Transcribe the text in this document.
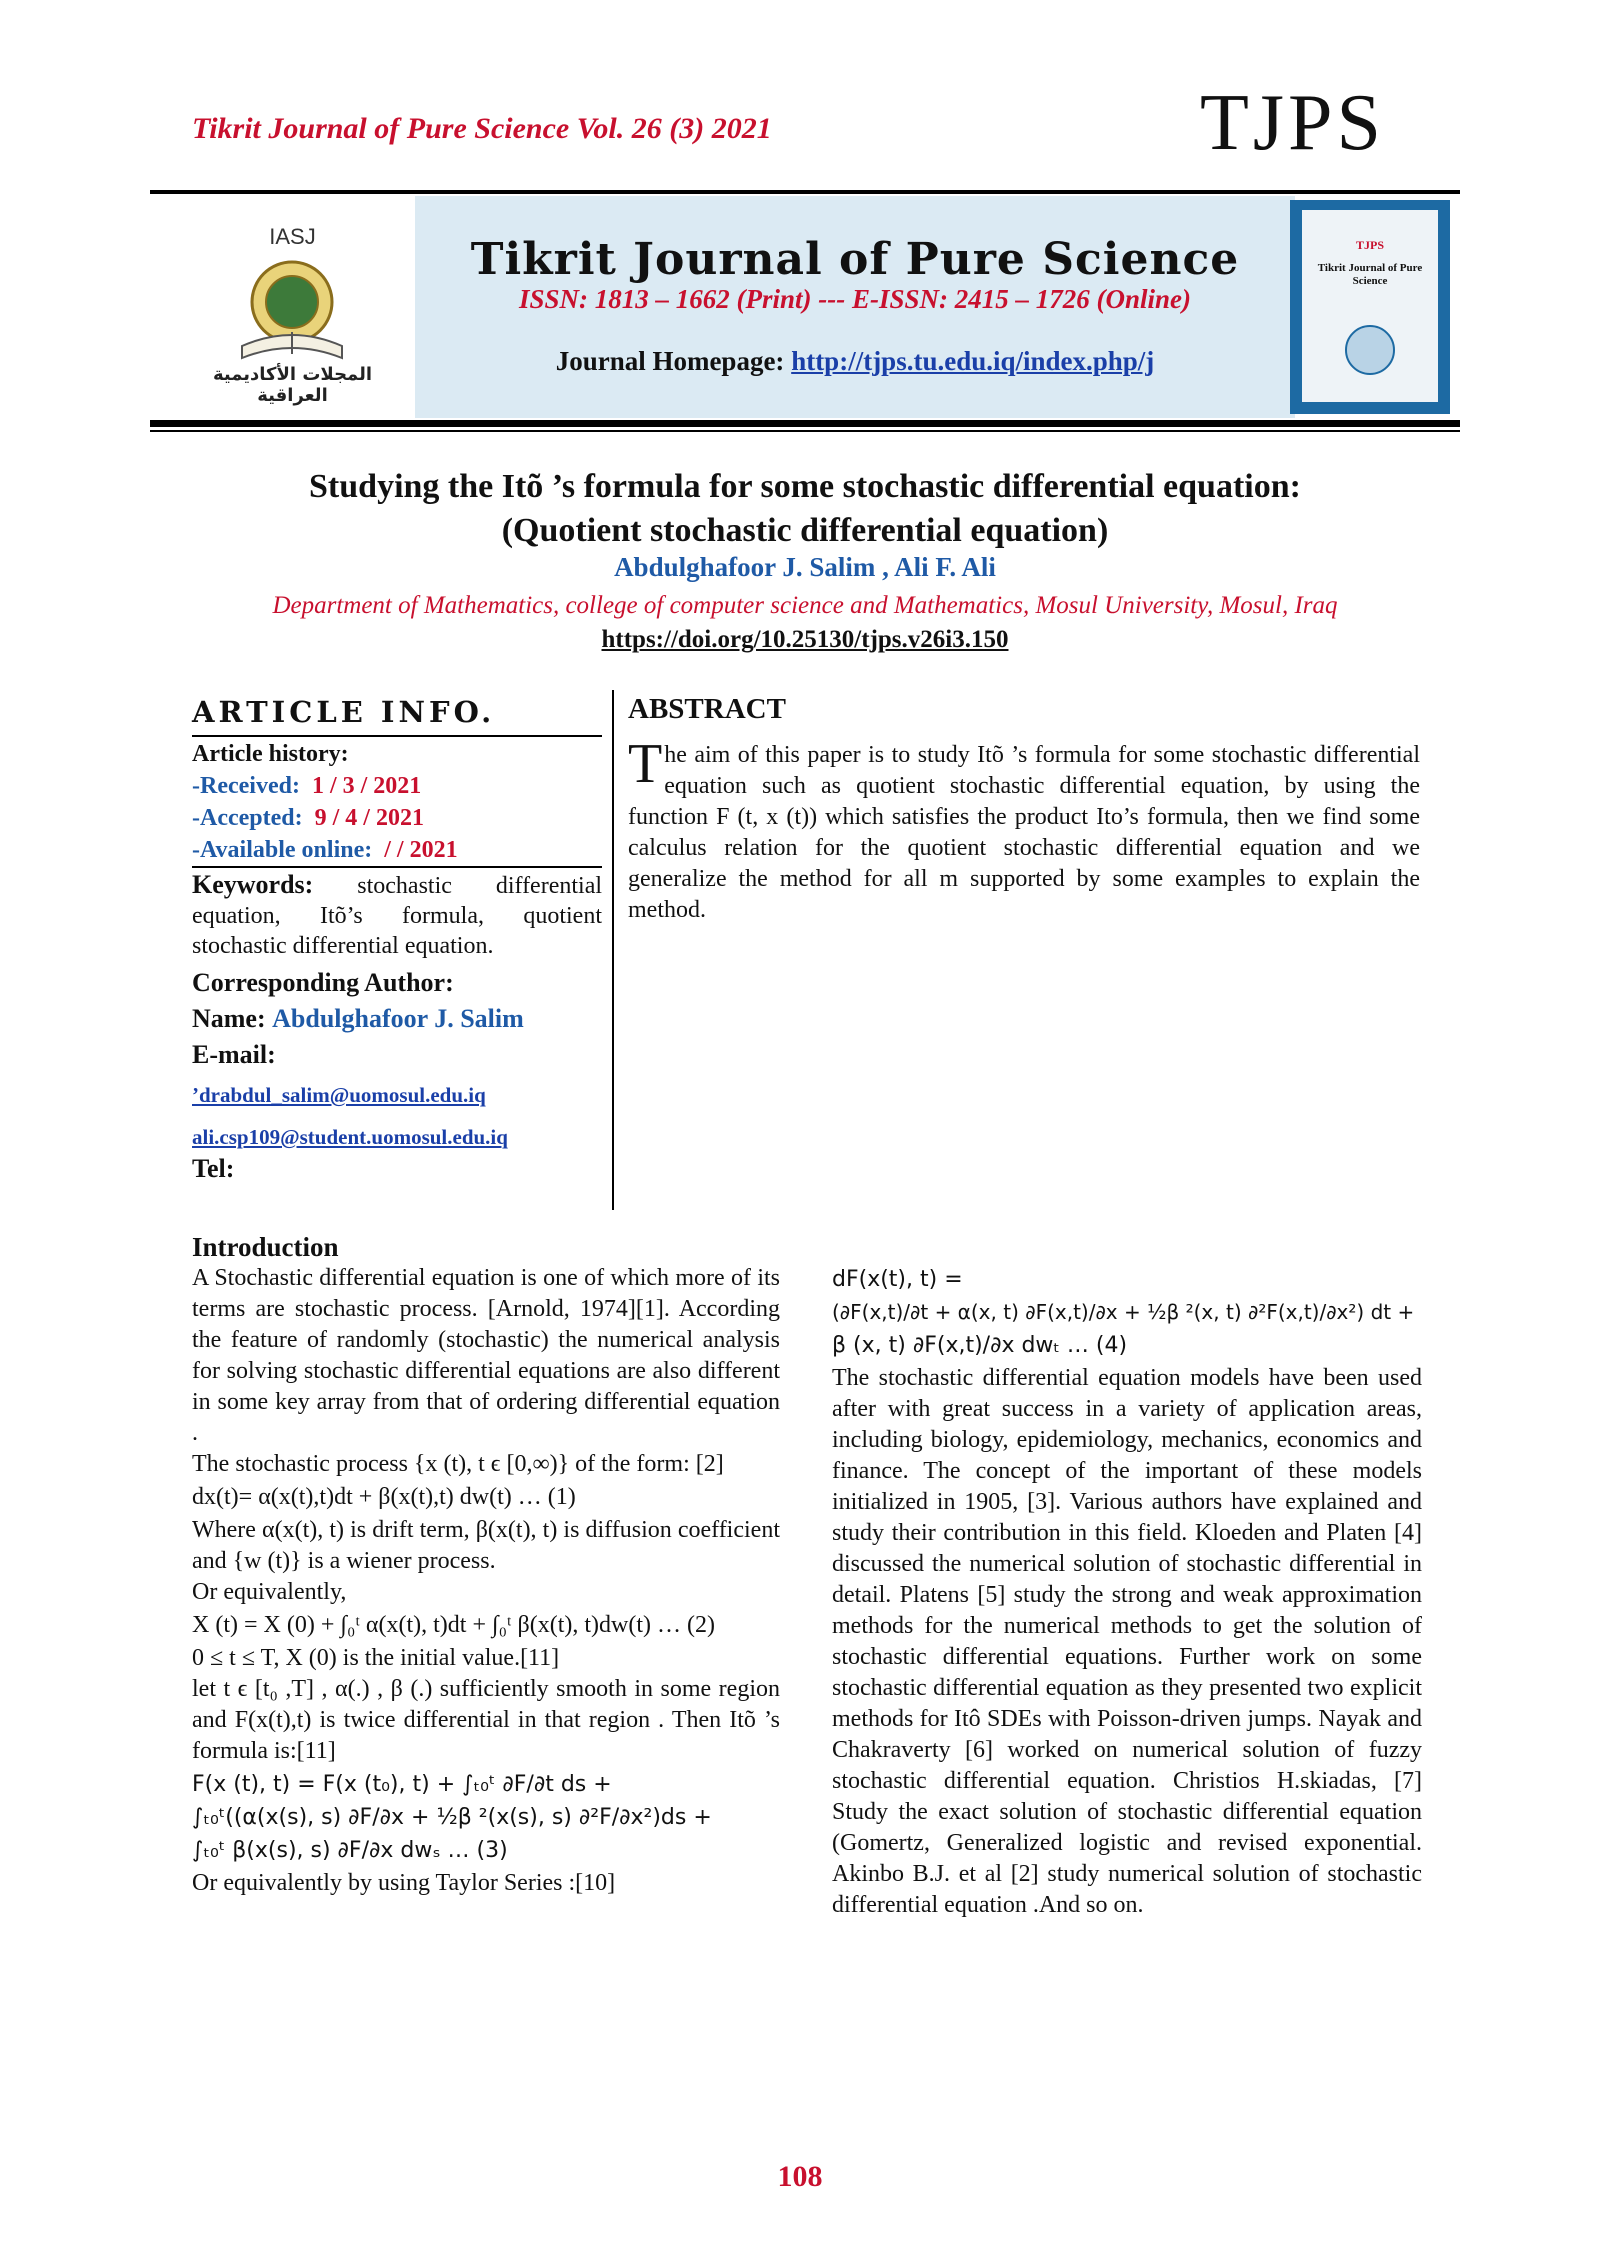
Tikrit Journal of Pure Science Vol. 26 (3) 2021	TJPS
IASJ
المجلات الأكاديمية العراقية
Tikrit Journal of Pure Science
ISSN: 1813 – 1662 (Print) --- E-ISSN: 2415 – 1726 (Online)
Journal Homepage: http://tjps.tu.edu.iq/index.php/j
TJPS
Tikrit Journal of Pure Science
Studying the Itõ ’s formula for some stochastic differential equation:
(Quotient stochastic differential equation)
Abdulghafoor J. Salim , Ali F. Ali
Department of Mathematics, college of computer science and Mathematics, Mosul University, Mosul, Iraq
https://doi.org/10.25130/tjps.v26i3.150
ARTICLE INFO.
Article history:
-Received: 1 / 3 / 2021
-Accepted: 9 / 4 / 2021
-Available online: / / 2021
Keywords: stochastic differential equation, Itõ’s formula, quotient stochastic differential equation.
Corresponding Author:
Name: Abdulghafoor J. Salim
E-mail:
’drabdul_salim@uomosul.edu.iq
ali.csp109@student.uomosul.edu.iq
Tel:
ABSTRACT
The aim of this paper is to study Itõ ’s formula for some stochastic differential equation such as quotient stochastic differential equation, by using the function F (t, x (t)) which satisfies the product Ito’s formula, then we find some calculus relation for the quotient stochastic differential equation and we generalize the method for all m supported by some examples to explain the method.
Introduction
A Stochastic differential equation is one of which more of its terms are stochastic process. [Arnold, 1974][1]. According the feature of randomly (stochastic) the numerical analysis for solving stochastic differential equations are also different in some key array from that of ordering differential equation .
The stochastic process {x (t), t ϵ [0,∞)} of the form: [2]
dx(t)= α(x(t),t)dt + β(x(t),t) dw(t) … (1)
Where α(x(t), t) is drift term, β(x(t), t) is diffusion coefficient and {w (t)} is a wiener process.
Or equivalently,
X (t) = X (0) + ∫₀ᵗ α(x(t), t)dt + ∫₀ᵗ β(x(t), t)dw(t) … (2)
0 ≤ t ≤ T, X (0) is the initial value.[11]
let t ϵ [t₀ ,T] , α(.) , β (.) sufficiently smooth in some region and F(x(t),t) is twice differential in that region . Then Itõ ’s formula is:[11]
F(x (t), t) = F(x (t₀), t) + ∫ₜ₀ᵗ ∂F/∂t ds +
∫ₜ₀ᵗ((α(x(s), s) ∂F/∂x + ½β ²(x(s), s) ∂²F/∂x²)ds +
∫ₜ₀ᵗ β(x(s), s) ∂F/∂x dwₛ … (3)
Or equivalently by using Taylor Series :[10]
dF(x(t), t) =
(∂F(x,t)/∂t + α(x, t) ∂F(x,t)/∂x + ½β ²(x, t) ∂²F(x,t)/∂x²) dt +
β (x, t) ∂F(x,t)/∂x dwₜ … (4)
The stochastic differential equation models have been used after with great success in a variety of application areas, including biology, epidemiology, mechanics, economics and finance. The concept of the important of these models initialized in 1905, [3]. Various authors have explained and study their contribution in this field. Kloeden and Platen [4] discussed the numerical solution of stochastic differential in detail. Platens [5] study the strong and weak approximation methods for the numerical methods to get the solution of stochastic differential equations. Further work on some stochastic differential equation as they presented two explicit methods for Itô SDEs with Poisson-driven jumps. Nayak and Chakraverty [6] worked on numerical solution of fuzzy stochastic differential equation. Christios H.skiadas, [7] Study the exact solution of stochastic differential equation (Gomertz, Generalized logistic and revised exponential. Akinbo B.J. et al [2] study numerical solution of stochastic differential equation .And so on.
108
